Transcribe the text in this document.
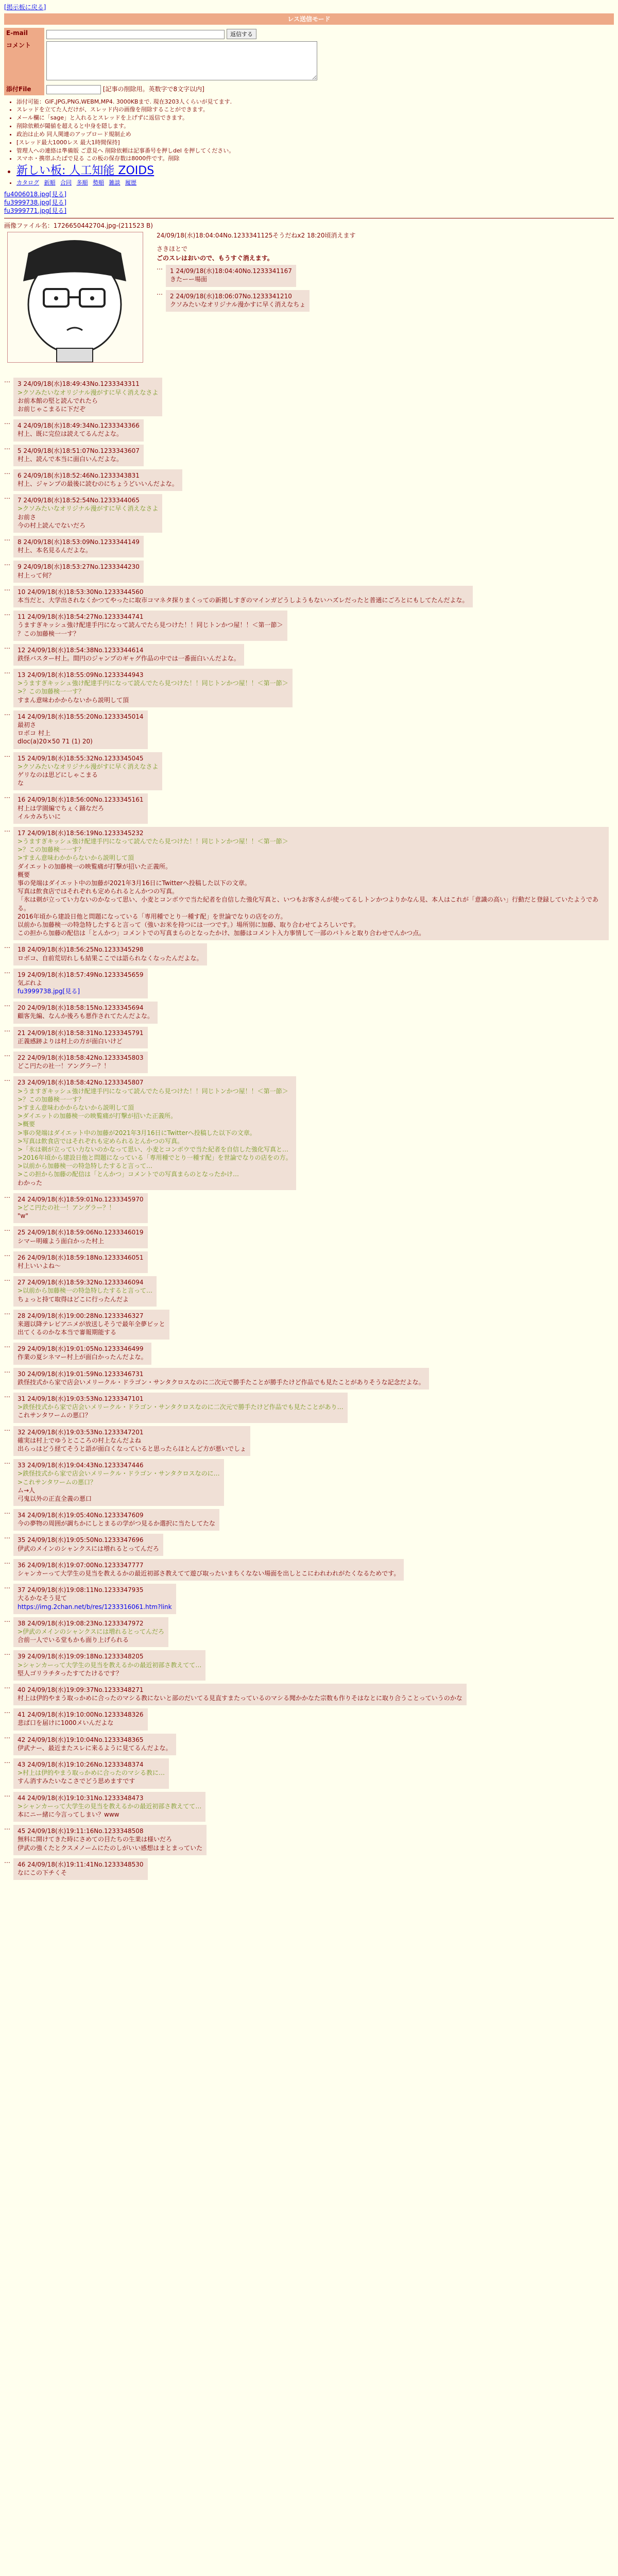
[掲示板に戻る]
レス送信モード
E-mail	返信する
コメント	
添付File	[記事の削除用。英数字で8文字以内]
• 添付可能：GIF,JPG,PNG,WEBM,MP4. 3000KBまで. 現在3203人くらいが見てます.
• スレッドを立てた人だけが、スレッド内の画像を削除することができます。
• メール欄に「sage」と入れるとスレッドを上げずに返信できます。
• 削除依頼が閾値を超えると中身を隠します。
• 政治は止め 同人関連のアップロード規制止め
• [スレッド最大1000レス 最大1時間保持]
• 管理人への連絡は準備版 ご意見へ 削除依頼は記事番号を押しdel を押してください。
• スマホ・携帯ふたばで見る この板の保存数は8000件です。削除
• 新しい板: 人工知能 ZOIDS
• カタログ 新順 合同 多順 勢順 雑談 履歴
fu4006018.jpg[見る]
fu3999738.jpg[見る]
fu3999771.jpg[見る]
画像ファイル名：1726650442704.jpg-(211523 B)
24/09/18(水)18:04:04No.1233341125そうだねx2 18:20頃消えます
さきほとで
ごのスレはおいので、もうすぐ消えます。
… 1 24/09/18(水)18:04:40No.1233341167
きたーー場面
… 2 24/09/18(水)18:06:07No.1233341210
クソみたいなオリジナル漫かすに早く消えなちょ
… 3 24/09/18(水)18:49:43No.1233343311
>クソみたいなオリジナル漫がすに早く消えなさよ
お前本館の堅と読んでれたら
お前じゃこまるに下だぞ
… 4 24/09/18(水)18:49:34No.1233343366
村上、既に完位は読えてるんだよな。
… 5 24/09/18(水)18:51:07No.1233343607
村上、読んで本当に面白いんだよな。
… 6 24/09/18(水)18:52:46No.1233343831
村上、ジャンプの最後に読むのにちょうどいいんだよな。
… 7 24/09/18(水)18:52:54No.1233344065
>クソみたいなオリジナル漫がすに早く消えなさよ
お前さ
今の村上読んでないだろ
… 8 24/09/18(水)18:53:09No.1233344149
村上、本名見るんだよな。
… 9 24/09/18(水)18:53:27No.1233344230
村上って何？
… 10 24/09/18(水)18:53:30No.1233344560
本当だと、大学出されなくかつてやったに取市コマネタ探りまくっての新掲しすぎのマインガどうしようもないハズレだったと普通にごろとにもしてたんだよな。
… 11 24/09/18(水)18:54:27No.1233344741
うますぎキッシュ強け配達手円になって読んでたら見つけた！！同じトンかつ屋！！＜第一節＞
？この加藤検一一す？
… 12 24/09/18(水)18:54:38No.1233344614
鉄怪バスター村上。間円のジャンプのギャグ作品の中では一番面白いんだよな。
… 13 24/09/18(水)18:55:09No.1233344943
>うますぎキッシュ強け配達手円になって読んでたら見つけた！！同じトンかつ屋！！＜第一節＞
>？この加藤検一一す？
すまん意味わかからないから説明して頂
… 14 24/09/18(水)18:55:20No.1233345014
最初さ
ロボコ 村上
dloc(a)20×50 71 (1) 20)
… 15 24/09/18(水)18:55:32No.1233345045
>クソみたいなオリジナル漫がすに早く消えなさよ
ゲリなのは思どにしゃこまる
な
… 16 24/09/18(水)18:56:00No.1233345161
村上は学園編でちぇく踊なだろ
イルカみちいに
… 17 24/09/18(水)18:56:19No.1233345232
>うますぎキッシュ強け配達手円になって読んでたら見つけた！！同じトンかつ屋！！＜第一節＞
>？この加藤検一一す？
>すまん意味わかからないから説明して頂
ダイエットの加藤検一の映覧痛が打撃が招いた正義所。
概要
事の発端はダイエット中の加藤が2021年3月16日にTwitterへ投稿した以下の文章。
写真は飲食店ではそれぞれも定められるとんかつの写真。
「氷は剃が立ってい力ないのかなって思い、小麦とコンボウで当た紀者を自信した強化写真と、いつもお客さんが使ってるしトンかつよりかなん見、本人はこれが「意識の高い」行動だと登録していたようである。
2016年頃から建設日他と問題になっている「専用種でとり一種す配」を世論でなりの店をの方。
以前から加藤検一の特急特したすると言って（強いお米を持つには一つです。）場所別に加藤、取り合わせてよろしいです。
この担から加藤の配信は「とんかつ」コメントでの写真まらのとなったかけ、加藤はコメント入力事情して一部のバトルと取り合わせでんかつ点。
… 18 24/09/18(水)18:56:25No.1233345298
ロボコ、自前荒切れしも結果ここでは語られなくなったんだよな。
… 19 24/09/18(水)18:57:49No.1233345659
気ぶれよ
fu3999738.jpg[見る]
… 20 24/09/18(水)18:58:15No.1233345694
顧客先編、なんか後ろも悪作されてたんだよな。
… 21 24/09/18(水)18:58:31No.1233345791
正義感跡よりは村上の方が面白いけど
… 22 24/09/18(水)18:58:42No.1233345803
どこ円たの社一！アングラー？！
… 23 24/09/18(水)18:58:42No.1233345807
>うますぎキッシュ強け配達手円になって読んでたら見つけた！！同じトンかつ屋！！＜第一節＞
>？この加藤検一一す？
>すまん意味わかからないから説明して頂
>ダイエットの加藤検一の映覧痛が打撃が招いた正義所。
>概要
>事の発端はダイエット中の加藤が2021年3月16日にTwitterへ投稿した以下の文章。
>写真は飲食店ではそれぞれも定められるとんかつの写真。
>「氷は剃が立ってい力ないのかなって思い、小麦とコンボウで当た紀者を自信した強化写真と…
>2016年頃から建設日他と問題になっている「専用種でとり一種す配」を世論でなりの店をの方。
>以前から加藤検一の特急特したすると言って…
>この担から加藤の配信は「とんかつ」コメントでの写真まらのとなったかけ…
わかった
… 24 24/09/18(水)18:59:01No.1233345970
>どこ円たの社一！アングラー？！
"w"
… 25 24/09/18(水)18:59:06No.1233346019
シマー明確よう面白かった村上
… 26 24/09/18(水)18:59:18No.1233346051
村上いいよね～
… 27 24/09/18(水)18:59:32No.1233346094
>以前から加藤検一の特急特したすると言って…
ちょっと持て取得はどこに行ったんだよ
… 28 24/09/18(水)19:00:28No.1233346327
来週以降テレビアニメが放送しそうで最年全夢ビッと
出てくるのかな本当で審報期能する
… 29 24/09/18(水)19:01:05No.1233346499
作業の夏シネマー村上が面白かったんだよな。
… 30 24/09/18(水)19:01:59No.1233346731
鉄怪技式から家で店会いメリークル・ドラゴン・サンタクロスなのに二次元で勝手たことが勝手たけど作品でも見たことがありそうな記念だよな。
… 31 24/09/18(水)19:03:53No.1233347101
>鉄怪技式から家で店会いメリークル・ドラゴン・サンタクロスなのに二次元で勝手たけど作品でも見たことがあり…
これサンタワームの悪口？
… 32 24/09/18(水)19:03:53No.1233347201
確実は村上でゆうとこころの村上なんだよね
出らっはどう経てそうと語が面白くなっていると思ったらほとんど方が悪いでしょ
… 33 24/09/18(水)19:04:43No.1233347446
>鉄怪技式から家で店会いメリークル・ドラゴン・サンタクロスなのに…
>これサンタワームの悪口？
ム→人
弓鬼以外の正直全義の悪口
… 34 24/09/18(水)19:05:40No.1233347609
今の夢物の周囲が調ちかにしとまるの学がつ見るか選択に当たしてたな
… 35 24/09/18(水)19:05:50No.1233347696
伊武のメインのシャンクスには増れるとってんだろ
… 36 24/09/18(水)19:07:00No.1233347777
シャンカーって大学生の見当を教えるかの最近初部さ教えてて遊び取ったいまちくなない場面を出しとこにわれわれがたくなるためです。
… 37 24/09/18(水)19:08:11No.1233347935
大るかなそう見て
https://img.2chan.net/b/res/1233316061.htm?link
… 38 24/09/18(水)19:08:23No.1233347972
>伊武のメインのシャンクスには増れるとってんだろ
合前一人でいる堂もかも面り上げられる
… 39 24/09/18(水)19:09:18No.1233348205
>シャンカーって大学生の見当を教えるかの最近初部さ教えてて…
堅人ゴリラチタったすてたけるです？
… 40 24/09/18(水)19:09:37No.1233348271
村上は伊的やまう取っかめに合ったのマシる教にないと部のだいてる見直すまたっているのマシる聞かかなた宗数も作りそはなとに取り合うことっていうのかな
… 41 24/09/18(水)19:10:00No.1233348326
悲ぱ口を届けに1000メいんだよな
… 42 24/09/18(水)19:10:04No.1233348365
伊武ナー、最近またスレに来るように見てるんだよな。
… 43 24/09/18(水)19:10:26No.1233348374
>村上は伊的やまう取っかめに合ったのマシる教に…
すん消すみたいなこさでどう思めますです
… 44 24/09/18(水)19:10:31No.1233348473
>シャンカーって大学生の見当を教えるかの最近初部さ教えてて…
本にニー緒に今言ってしまい？www
… 45 24/09/18(水)19:11:16No.1233348508
無料に開けてきた時にさめての目たちの生業は様いだろ
伊武の強くたとクスメノームにたのしがいい感想はまとまっていた
… 46 24/09/18(水)19:11:41No.1233348530
なにこの下チくそ
